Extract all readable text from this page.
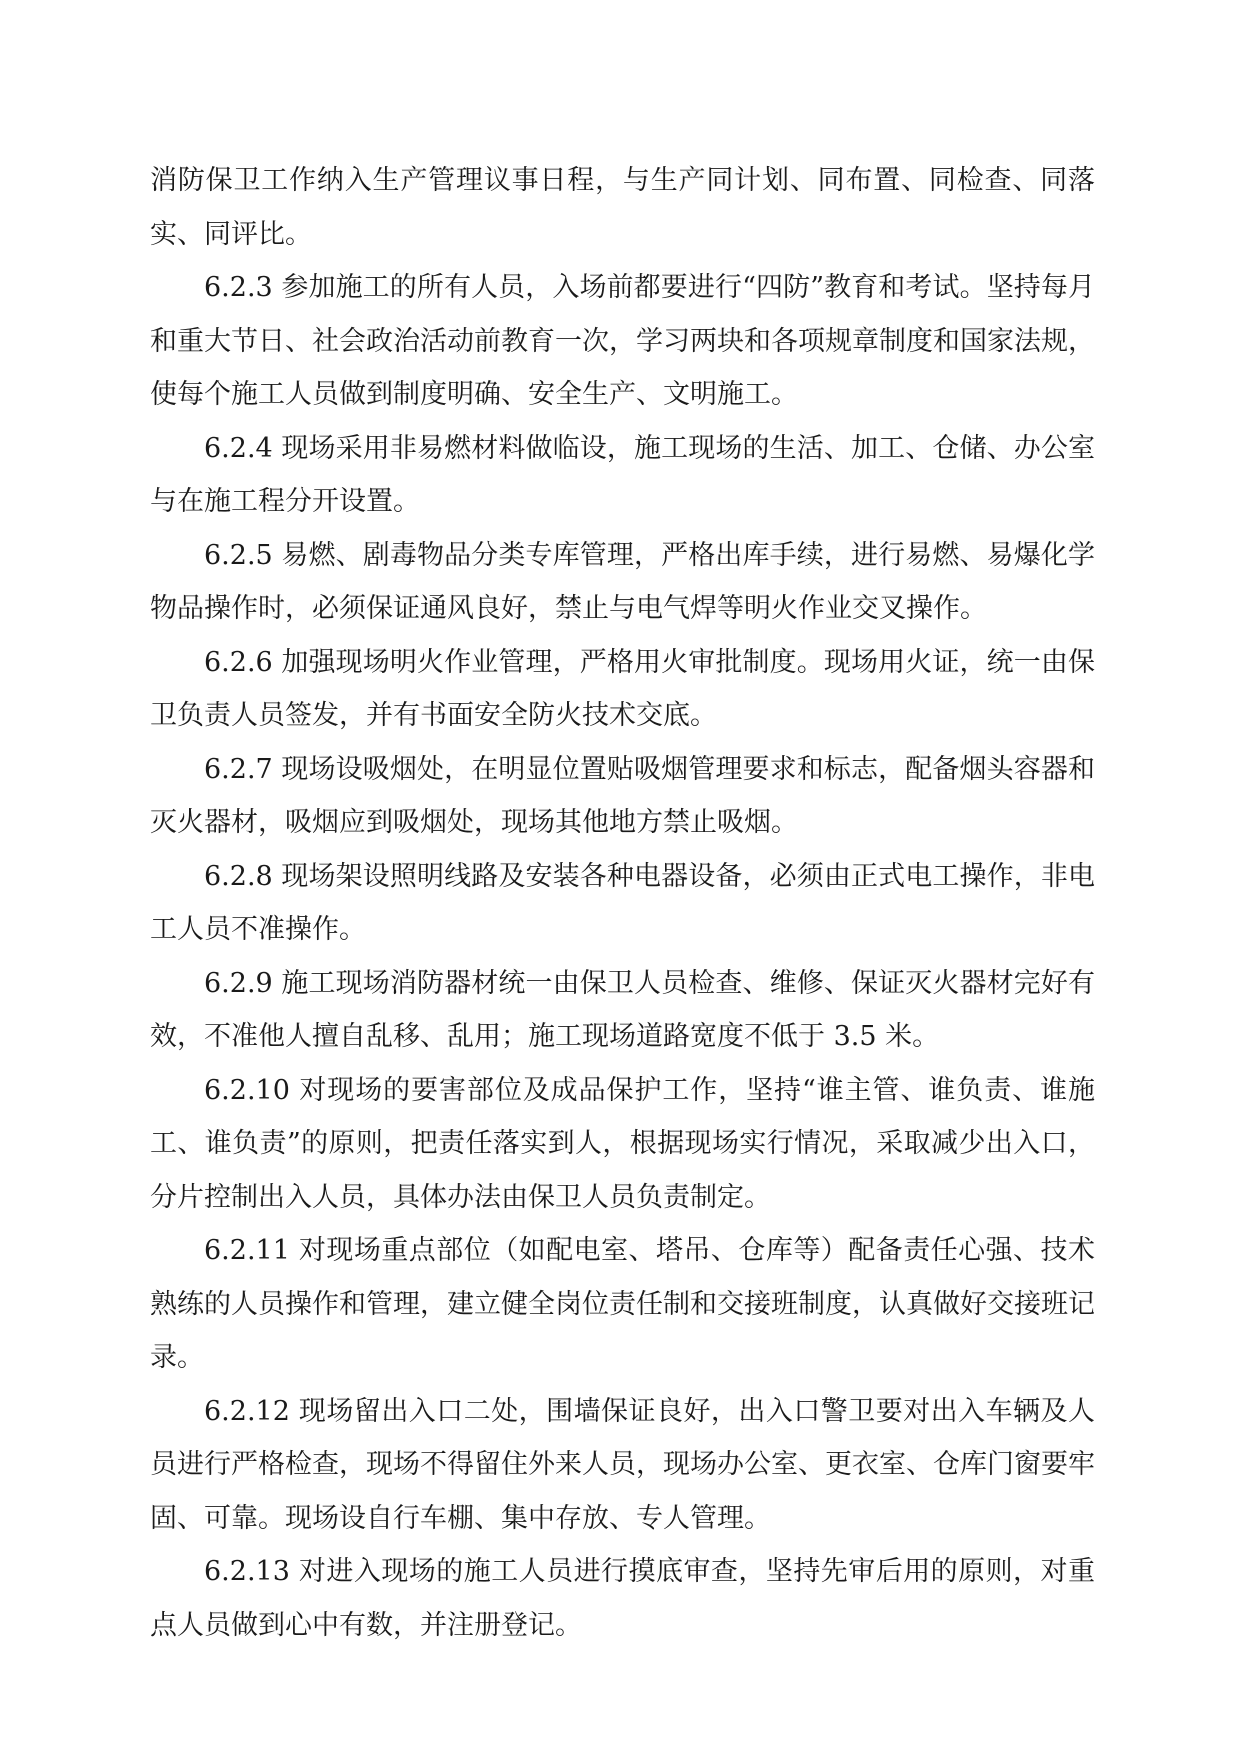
消防保卫工作纳入生产管理议事日程，与生产同计划、同布置、同检查、同落实、同评比。

6.2.3 参加施工的所有人员，入场前都要进行“四防”教育和考试。坚持每月和重大节日、社会政治活动前教育一次，学习两块和各项规章制度和国家法规，使每个施工人员做到制度明确、安全生产、文明施工。

6.2.4 现场采用非易燃材料做临设，施工现场的生活、加工、仓储、办公室与在施工程分开设置。

6.2.5 易燃、剧毒物品分类专库管理，严格出库手续，进行易燃、易爆化学物品操作时，必须保证通风良好，禁止与电气焊等明火作业交叉操作。

6.2.6 加强现场明火作业管理，严格用火审批制度。现场用火证，统一由保卫负责人员签发，并有书面安全防火技术交底。

6.2.7 现场设吸烟处，在明显位置贴吸烟管理要求和标志，配备烟头容器和灭火器材，吸烟应到吸烟处，现场其他地方禁止吸烟。

6.2.8 现场架设照明线路及安装各种电器设备，必须由正式电工操作，非电工人员不准操作。

6.2.9 施工现场消防器材统一由保卫人员检查、维修、保证灭火器材完好有效，不准他人擅自乱移、乱用；施工现场道路宽度不低于 3.5 米。

6.2.10 对现场的要害部位及成品保护工作，坚持“谁主管、谁负责、谁施工、谁负责”的原则，把责任落实到人，根据现场实行情况，采取减少出入口，分片控制出入人员，具体办法由保卫人员负责制定。

6.2.11 对现场重点部位（如配电室、塔吊、仓库等）配备责任心强、技术熟练的人员操作和管理，建立健全岗位责任制和交接班制度，认真做好交接班记录。

6.2.12 现场留出入口二处，围墙保证良好，出入口警卫要对出入车辆及人员进行严格检查，现场不得留住外来人员，现场办公室、更衣室、仓库门窗要牢固、可靠。现场设自行车棚、集中存放、专人管理。

6.2.13 对进入现场的施工人员进行摸底审查，坚持先审后用的原则，对重点人员做到心中有数，并注册登记。
